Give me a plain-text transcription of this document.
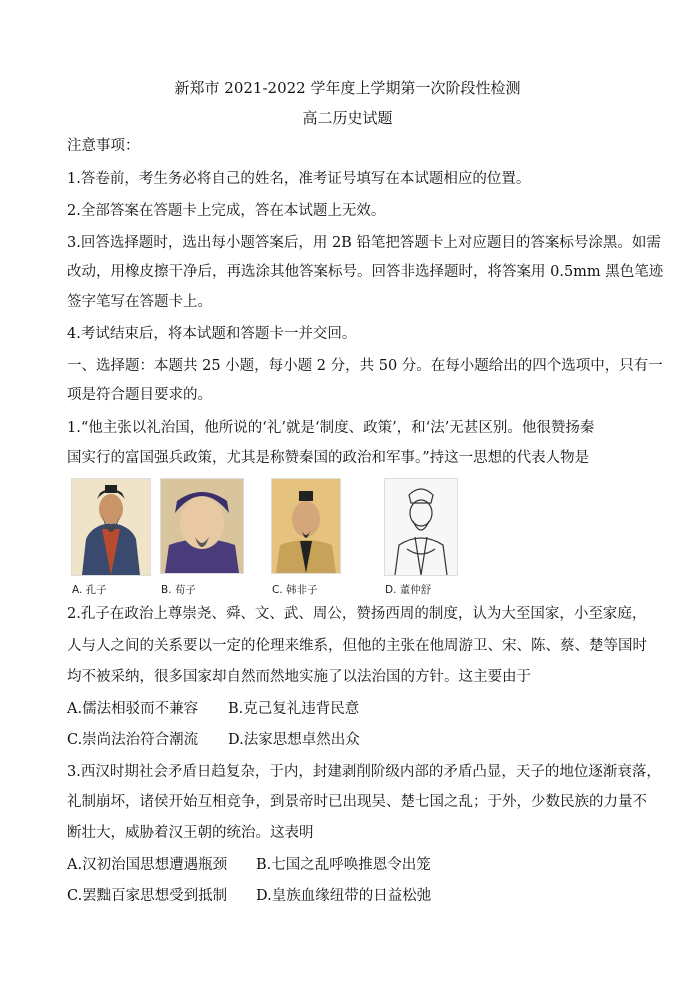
新郑市 2021-2022 学年度上学期第一次阶段性检测
高二历史试题
注意事项：
1.答卷前，考生务必将自己的姓名，准考证号填写在本试题相应的位置。
2.全部答案在答题卡上完成，答在本试题上无效。
3.回答选择题时，选出每小题答案后，用 2B 铅笔把答题卡上对应题目的答案标号涂黑。如需
改动，用橡皮擦干净后，再选涂其他答案标号。回答非选择题时，将答案用 0.5mm 黑色笔迹
签字笔写在答题卡上。
4.考试结束后，将本试题和答题卡一并交回。
一、选择题：本题共 25 小题，每小题 2 分，共 50 分。在每小题给出的四个选项中，只有一
项是符合题目要求的。
1.“他主张以礼治国，他所说的‘礼’就是‘制度、政策’，和‘法’无甚区别。他很赞扬秦
国实行的富国强兵政策，尤其是称赞秦国的政治和军事。”持这一思想的代表人物是
A. 孔子	B. 荀子	C. 韩非子	D. 董仲舒
2.孔子在政治上尊崇尧、舜、文、武、周公，赞扬西周的制度，认为大至国家，小至家庭，
人与人之间的关系要以一定的伦理来维系，但他的主张在他周游卫、宋、陈、蔡、楚等国时
均不被采纳，很多国家却自然而然地实施了以法治国的方针。这主要由于
A.儒法相驳而不兼容 B.克己复礼违背民意
C.崇尚法治符合潮流 D.法家思想卓然出众
3.西汉时期社会矛盾日趋复杂，于内，封建剥削阶级内部的矛盾凸显，天子的地位逐渐衰落，
礼制崩坏，诸侯开始互相竞争，到景帝时已出现吴、楚七国之乱；于外，少数民族的力量不
断壮大，威胁着汉王朝的统治。这表明
A.汉初治国思想遭遇瓶颈 B.七国之乱呼唤推恩令出笼
C.罢黜百家思想受到抵制 D.皇族血缘纽带的日益松弛
